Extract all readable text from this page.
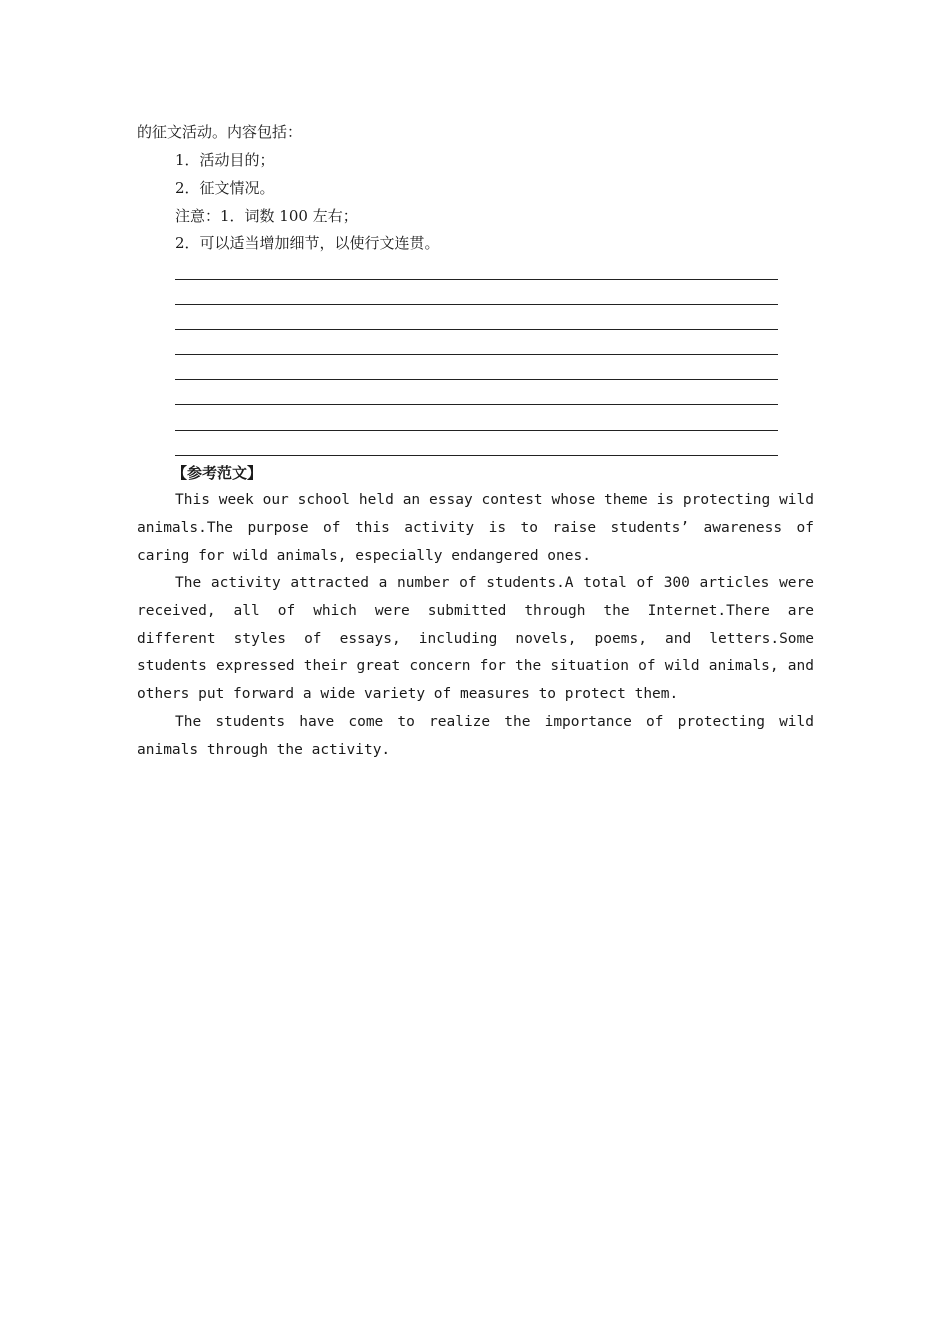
的征文活动。内容包括：
1．活动目的；
2．征文情况。
注意：1．词数 100 左右；
2．可以适当增加细节，以使行文连贯。
【参考范文】

This week our school held an essay contest whose theme is protecting wild animals.The purpose of this activity is to raise students’ awareness of caring for wild animals, especially endangered ones.

The activity attracted a number of students.A total of 300 articles were received, all of which were submitted through the Internet.There are different styles of essays, including novels, poems, and letters.Some students expressed their great concern for the situation of wild animals, and others put forward a wide variety of measures to protect them.

The students have come to realize the importance of protecting wild animals through the activity.
